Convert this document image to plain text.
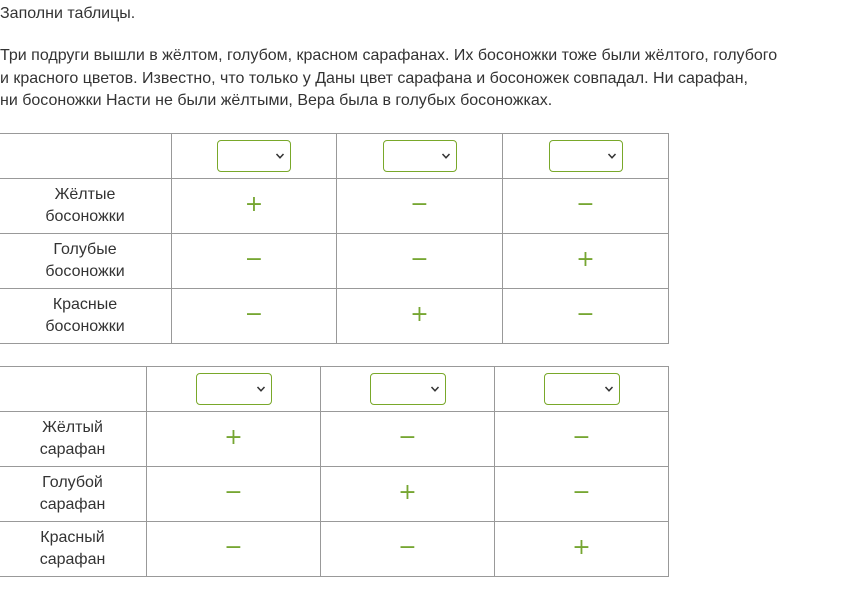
Заполни таблицы.
Три подруги вышли в жёлтом, голубом, красном сарафанах. Их босоножки тоже были жёлтого, голубого
и красного цветов. Известно, что только у Даны цвет сарафана и босоножек совпадал. Ни сарафан,
ни босоножки Насти не были жёлтыми, Вера была в голубых босоножках.

Жёлтые
босоножки	+	−	−
Голубые
босоножки	−	−	+
Красные
босоножки	−	+	−

Жёлтый
сарафан	+	−	−
Голубой
сарафан	−	+	−
Красный
сарафан	−	−	+
